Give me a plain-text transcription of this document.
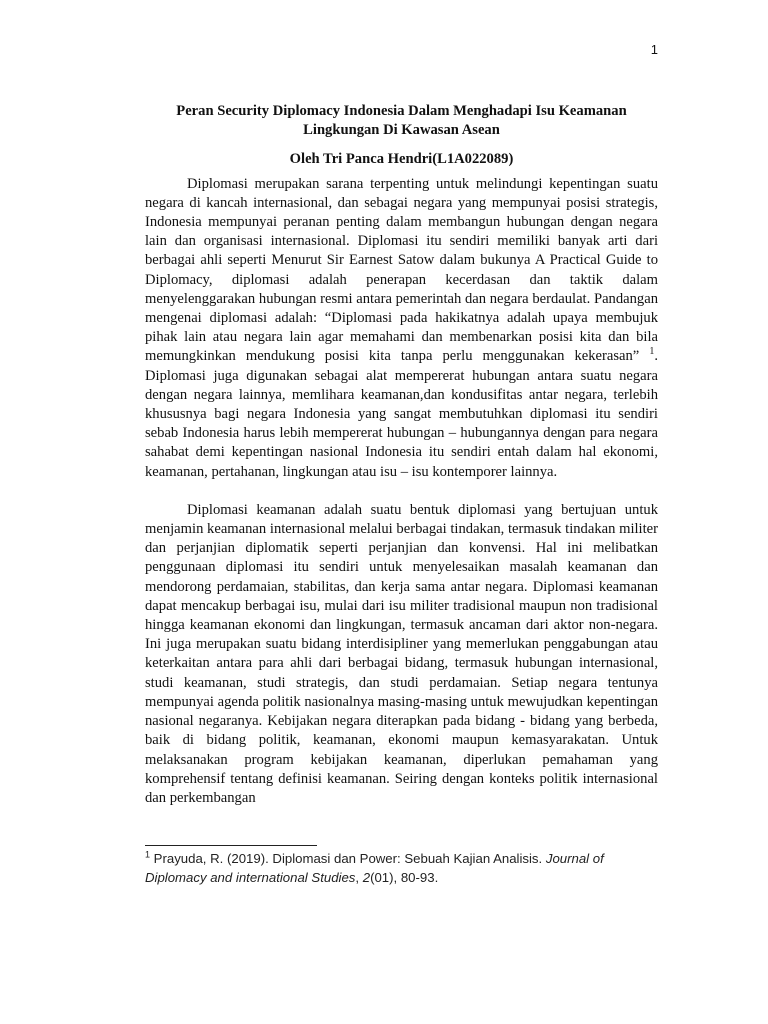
1

Peran Security Diplomacy Indonesia Dalam Menghadapi Isu Keamanan Lingkungan Di Kawasan Asean

Oleh Tri Panca Hendri(L1A022089)

Diplomasi merupakan sarana terpenting untuk melindungi kepentingan suatu negara di kancah internasional, dan sebagai negara yang mempunyai posisi strategis, Indonesia mempunyai peranan penting dalam membangun hubungan dengan negara lain dan organisasi internasional. Diplomasi itu sendiri memiliki banyak arti dari berbagai ahli seperti Menurut Sir Earnest Satow dalam bukunya A Practical Guide to Diplomacy, diplomasi adalah penerapan kecerdasan dan taktik dalam menyelenggarakan hubungan resmi antara pemerintah dan negara berdaulat. Pandangan mengenai diplomasi adalah: “Diplomasi pada hakikatnya adalah upaya membujuk pihak lain atau negara lain agar memahami dan membenarkan posisi kita dan bila memungkinkan mendukung posisi kita tanpa perlu menggunakan kekerasan” $^1$. Diplomasi juga digunakan sebagai alat mempererat hubungan antara suatu negara dengan negara lainnya, memlihara keamanan,dan kondusifitas antar negara, terlebih khususnya bagi negara Indonesia yang sangat membutuhkan diplomasi itu sendiri sebab Indonesia harus lebih mempererat hubungan – hubungannya dengan para negara sahabat demi kepentingan nasional Indonesia itu sendiri entah dalam hal ekonomi, keamanan, pertahanan, lingkungan atau isu – isu kontemporer lainnya.

Diplomasi keamanan adalah suatu bentuk diplomasi yang bertujuan untuk menjamin keamanan internasional melalui berbagai tindakan, termasuk tindakan militer dan perjanjian diplomatik seperti perjanjian dan konvensi. Hal ini melibatkan penggunaan diplomasi itu sendiri untuk menyelesaikan masalah keamanan dan mendorong perdamaian, stabilitas, dan kerja sama antar negara. Diplomasi keamanan dapat mencakup berbagai isu, mulai dari isu militer tradisional maupun non tradisional hingga keamanan ekonomi dan lingkungan, termasuk ancaman dari aktor non-negara. Ini juga merupakan suatu bidang interdisipliner yang memerlukan penggabungan atau keterkaitan antara para ahli dari berbagai bidang, termasuk hubungan internasional, studi keamanan, studi strategis, dan studi perdamaian. Setiap negara tentunya mempunyai agenda politik nasionalnya masing-masing untuk mewujudkan kepentingan nasional negaranya. Kebijakan negara diterapkan pada bidang - bidang yang berbeda, baik di bidang politik, keamanan, ekonomi maupun kemasyarakatan. Untuk melaksanakan program kebijakan keamanan, diperlukan pemahaman yang komprehensif tentang definisi keamanan. Seiring dengan konteks politik internasional dan perkembangan

$^1$ Prayuda, R. (2019). Diplomasi dan Power: Sebuah Kajian Analisis. Journal of Diplomacy and international Studies, 2(01), 80-93.
